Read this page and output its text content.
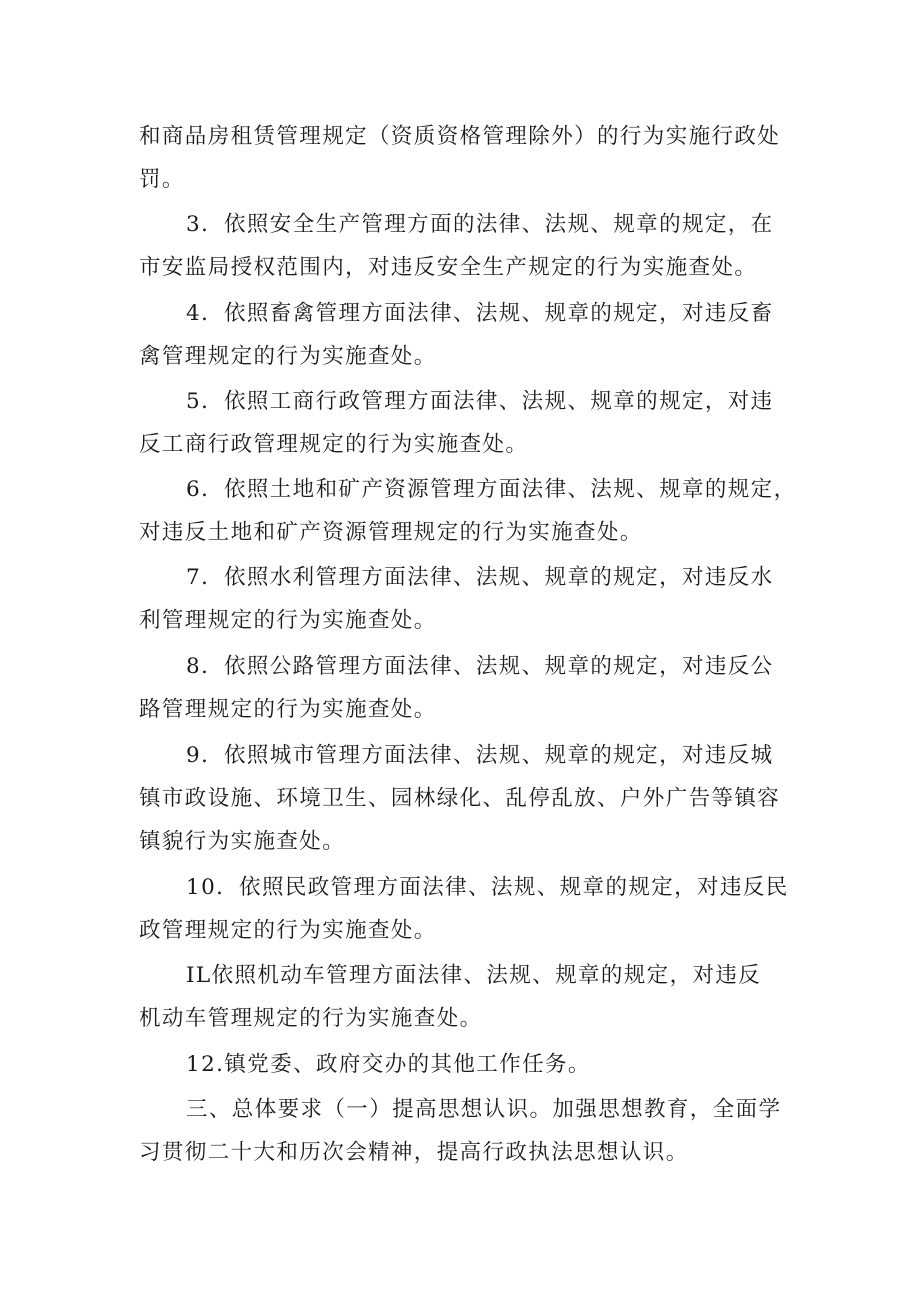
和商品房租赁管理规定（资质资格管理除外）的行为实施行政处
罚。
3．依照安全生产管理方面的法律、法规、规章的规定，在
市安监局授权范围内，对违反安全生产规定的行为实施查处。
4．依照畜禽管理方面法律、法规、规章的规定，对违反畜
禽管理规定的行为实施查处。
5．依照工商行政管理方面法律、法规、规章的规定，对违
反工商行政管理规定的行为实施查处。
6．依照土地和矿产资源管理方面法律、法规、规章的规定，
对违反土地和矿产资源管理规定的行为实施查处。
7．依照水利管理方面法律、法规、规章的规定，对违反水
利管理规定的行为实施查处。
8．依照公路管理方面法律、法规、规章的规定，对违反公
路管理规定的行为实施查处。
9．依照城市管理方面法律、法规、规章的规定，对违反城
镇市政设施、环境卫生、园林绿化、乱停乱放、户外广告等镇容
镇貌行为实施查处。
10．依照民政管理方面法律、法规、规章的规定，对违反民
政管理规定的行为实施查处。
IL依照机动车管理方面法律、法规、规章的规定，对违反
机动车管理规定的行为实施查处。
12.镇党委、政府交办的其他工作任务。
三、总体要求（一）提高思想认识。加强思想教育，全面学
习贯彻二十大和历次会精神，提高行政执法思想认识。
